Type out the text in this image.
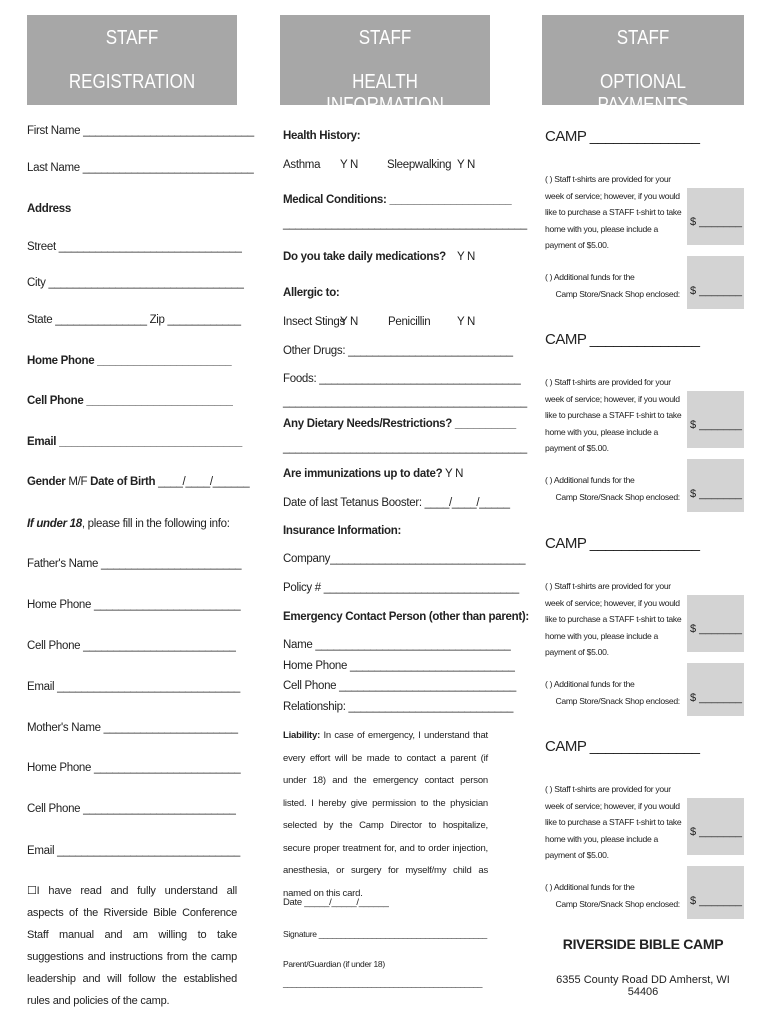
STAFF
REGISTRATION
First Name ____________________________
Last Name ____________________________
Address
Street ______________________________
City ________________________________
State _______________ Zip ____________
Home Phone ______________________
Cell Phone ________________________
Email ______________________________
Gender M/F Date of Birth ____/____/______
If under 18, please fill in the following info:
Father's Name _______________________
Home Phone ________________________
Cell Phone _________________________
Email ______________________________
Mother's Name ______________________
Home Phone ________________________
Cell Phone _________________________
Email ______________________________
☐I have read and fully understand all aspects of the Riverside Bible Conference Staff manual and am willing to take suggestions and instructions from the camp leadership and will follow the established rules and policies of the camp.
STAFF
HEALTH INFORMATION
Health History:
Asthma Y N	Sleepwalking Y N
Medical Conditions: ____________________
________________________________________
Do you take daily medications? Y N
Allergic to:
Insect Stings
Y N	Penicillin Y N
Other Drugs: ___________________________
Foods: _________________________________
________________________________________
Any Dietary Needs/Restrictions? __________
________________________________________
Are immunizations up to date? Y N
Date of last Tetanus Booster: ____/____/_____
Insurance Information:
Company________________________________
Policy # ________________________________
Emergency Contact Person (other than parent):
Name ________________________________
Home Phone ___________________________
Cell Phone _____________________________
Relationship: ___________________________
Liability: In case of emergency, I understand that every effort will be made to contact a parent (if under 18) and the emergency contact person listed. I hereby give permission to the physician selected by the Camp Director to hospitalize, secure proper treatment for, and to order injection, anesthesia, or surgery for myself/my child as named on this card.
Date _____/_____/______
Signature ______________________________________
Parent/Guardian (if under 18)
_____________________________________________
STAFF
OPTIONAL PAYMENTS
CAMP ______________
( ) Staff t-shirts are provided for your week of service; however, if you would like to purchase a STAFF t-shirt to take home with you, please include a payment of $5.00.
$ _______
( ) Additional funds for the
Camp Store/Snack Shop enclosed: $ _______
CAMP ______________
( ) Staff t-shirts are provided for your week of service; however, if you would like to purchase a STAFF t-shirt to take home with you, please include a payment of $5.00.
$ _______
( ) Additional funds for the
Camp Store/Snack Shop enclosed: $ _______
CAMP ______________
( ) Staff t-shirts are provided for your week of service; however, if you would like to purchase a STAFF t-shirt to take home with you, please include a payment of $5.00.
$ _______
( ) Additional funds for the
Camp Store/Snack Shop enclosed: $ _______
CAMP ______________
( ) Staff t-shirts are provided for your week of service; however, if you would like to purchase a STAFF t-shirt to take home with you, please include a payment of $5.00.
$ _______
( ) Additional funds for the
Camp Store/Snack Shop enclosed: $ _______
RIVERSIDE BIBLE CAMP
6355 County Road DD Amherst, WI 54406
